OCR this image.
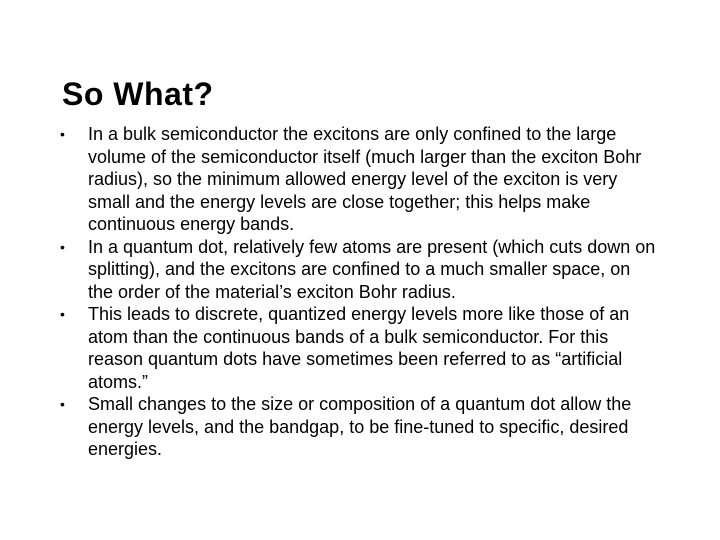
So What?
•	In a bulk semiconductor the excitons are only confined to the large volume of the semiconductor itself (much larger than the exciton Bohr radius), so the minimum allowed energy level of the exciton is very small and the energy levels are close together; this helps make continuous energy bands.
•	In a quantum dot, relatively few atoms are present (which cuts down on splitting), and the excitons are confined to a much smaller space, on the order of the material’s exciton Bohr radius.
•	This leads to discrete, quantized energy levels more like those of an atom than the continuous bands of a bulk semiconductor. For this reason quantum dots have sometimes been referred to as “artificial atoms.”
•	Small changes to the size or composition of a quantum dot allow the energy levels, and the bandgap, to be fine-tuned to specific, desired energies.
